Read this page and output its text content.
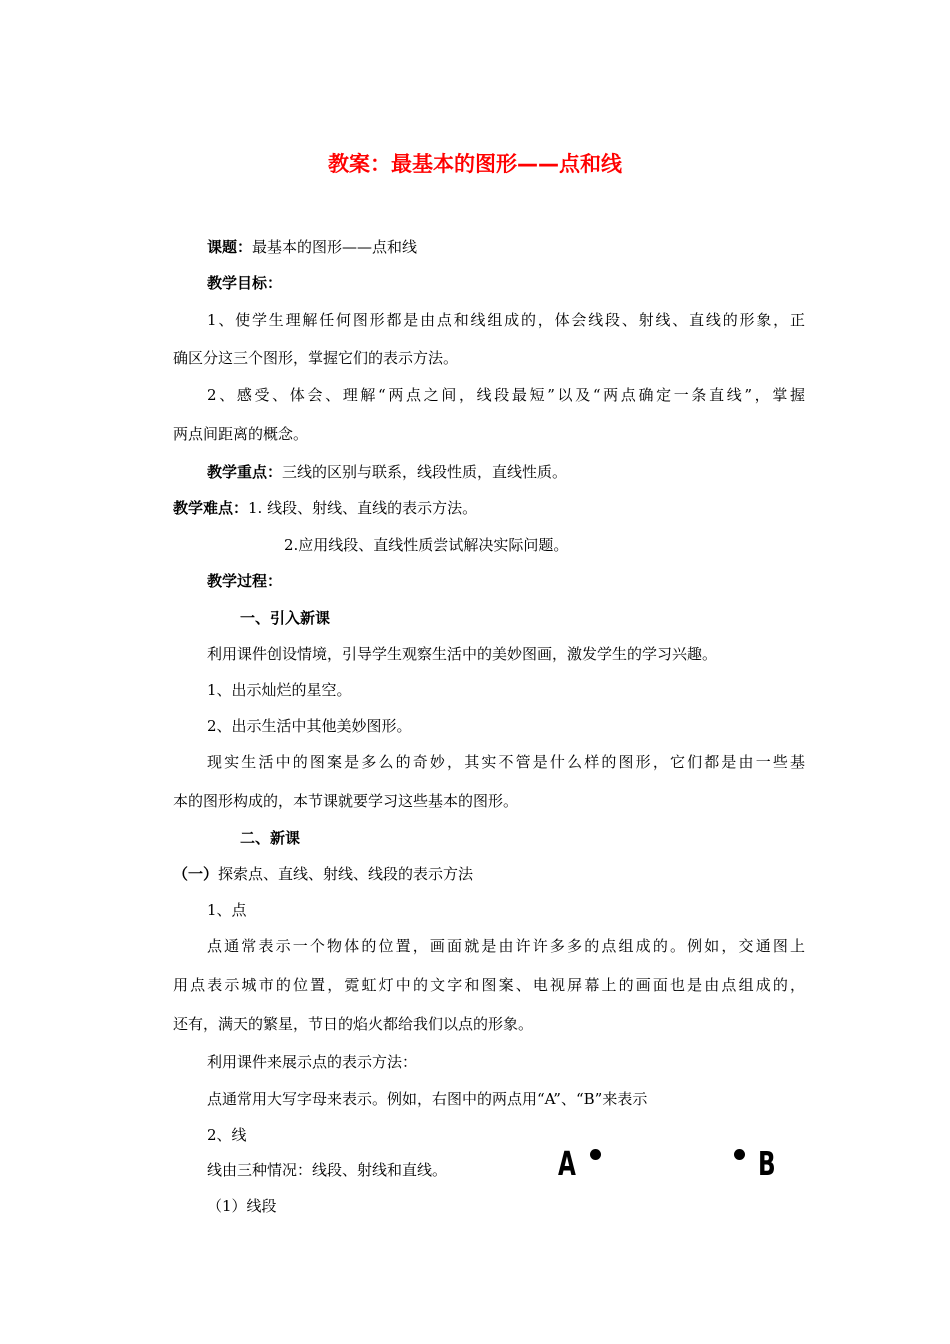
教案：最基本的图形——点和线
课题：最基本的图形——点和线
教学目标：
1、使学生理解任何图形都是由点和线组成的，体会线段、射线、直线的形象，正
确区分这三个图形，掌握它们的表示方法。
2、感受、体会、理解“两点之间，线段最短”以及“两点确定一条直线”，掌握
两点间距离的概念。
教学重点：三线的区别与联系，线段性质，直线性质。
教学难点：1. 线段、射线、直线的表示方法。
2.应用线段、直线性质尝试解决实际问题。
教学过程：
一、引入新课
利用课件创设情境，引导学生观察生活中的美妙图画，激发学生的学习兴趣。
1、出示灿烂的星空。
2、出示生活中其他美妙图形。
现实生活中的图案是多么的奇妙，其实不管是什么样的图形，它们都是由一些基
本的图形构成的，本节课就要学习这些基本的图形。
二、新课
（一）探索点、直线、射线、线段的表示方法
1、点
点通常表示一个物体的位置，画面就是由许许多多的点组成的。例如，交通图上
用点表示城市的位置，霓虹灯中的文字和图案、电视屏幕上的画面也是由点组成的，
还有，满天的繁星，节日的焰火都给我们以点的形象。
利用课件来展示点的表示方法：
点通常用大写字母来表示。例如，右图中的两点用“A”、“B”来表示
2、线
线由三种情况：线段、射线和直线。
（1）线段
A	B
